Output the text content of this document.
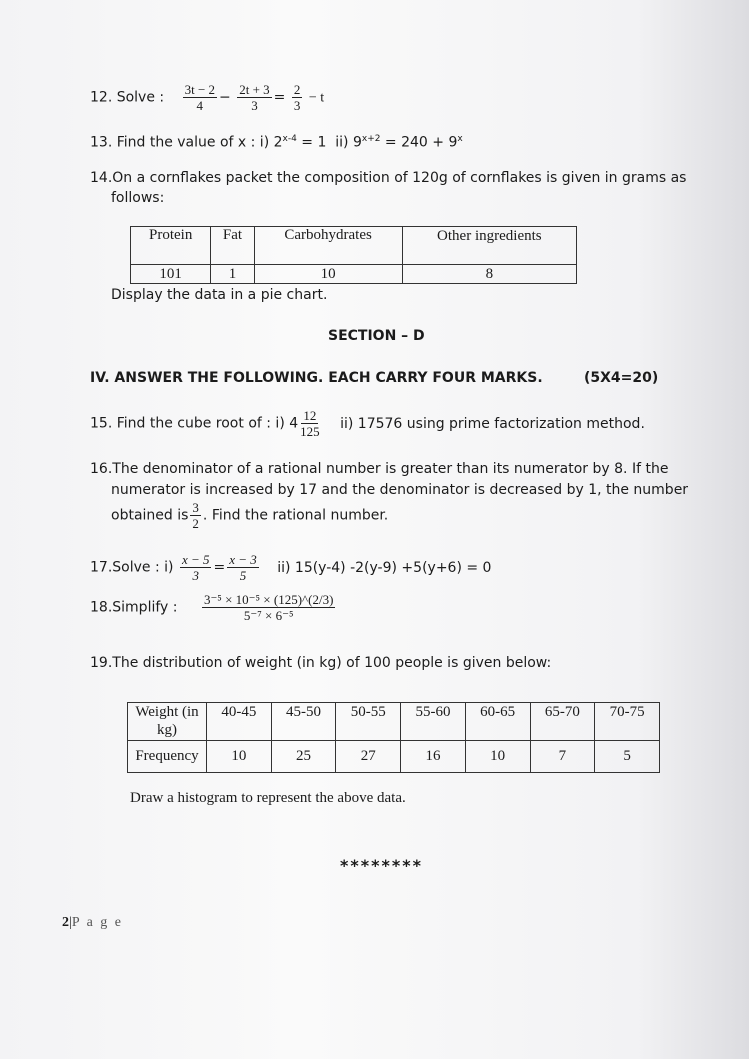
12. Solve : $\frac{3t - 2}{4} - \frac{2t + 3}{3} = \frac{2}{3} - t$
13. Find the value of x : i) $2^{x-4} = 1$  ii) $9^{x+2} = 240 + 9^x$
14.On a cornflakes packet the composition of 120g of cornflakes is given in grams as
follows:
Protein	Fat	Carbohydrates	Other ingredients
101	1	10	8
Display the data in a pie chart.
SECTION – D
IV. ANSWER THE FOLLOWING. EACH CARRY FOUR MARKS.	(5X4=20)
15. Find the cube root of : i) $4 \frac{12}{125} ii$) 17576 using prime factorization method.
16.The denominator of a rational number is greater than its numerator by 8. If the
numerator is increased by 17 and the denominator is decreased by 1, the number
obtained is $\frac{3}{2}$ . Find the rational number.
17.Solve : $i) \frac{x - 5}{3} = \frac{x - 3}{5} ii$) 15(y-4) -2(y-9) +5(y+6) = 0
18.Simplify : $\frac{\text{3⁻⁵ × 10⁻⁵ × (125)\textasciicircum{}(2/3)}}{\text{5⁻⁷ × 6⁻⁵}}$
19.The distribution of weight (in kg) of 100 people is given below:
Weight (in kg)	40-45	45-50	50-55	55-60	60-65	65-70	70-75
Frequency	10	25	27	16	10	7	5
Draw a histogram to represent the above data.
********
2|P a g e
